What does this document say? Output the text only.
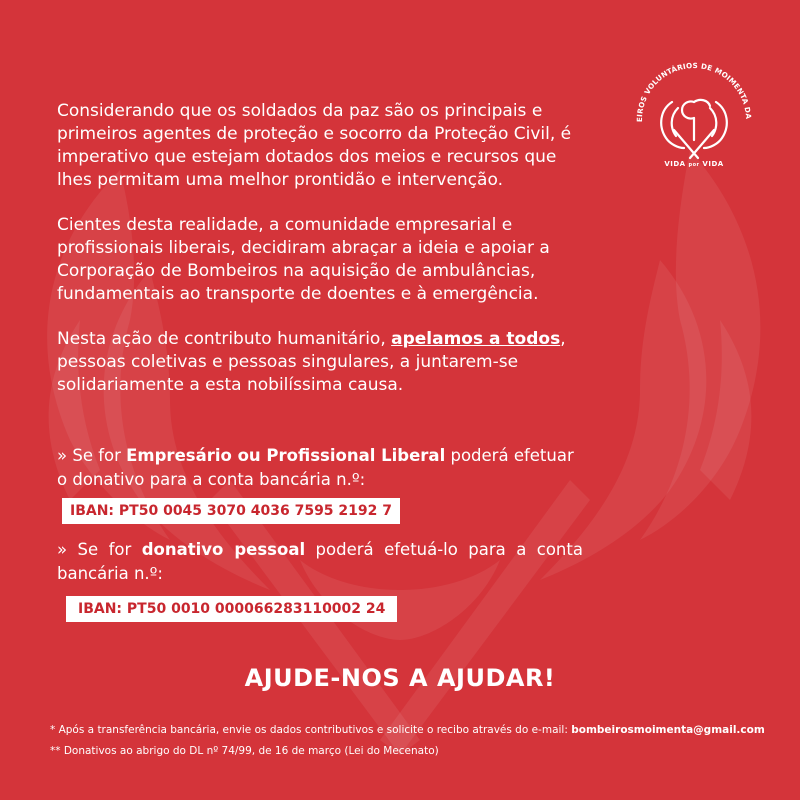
EIROS VOLUNTÁRIOS DE MOIMENTA DA
VIDA por VIDA

Considerando que os soldados da paz são os principais e primeiros agentes de proteção e socorro da Proteção Civil, é imperativo que estejam dotados dos meios e recursos que lhes permitam uma melhor prontidão e intervenção.

Cientes desta realidade, a comunidade empresarial e profissionais liberais, decidiram abraçar a ideia e apoiar a Corporação de Bombeiros na aquisição de ambulâncias, fundamentais ao transporte de doentes e à emergência.

Nesta ação de contributo humanitário, apelamos a todos, pessoas coletivas e pessoas singulares, a juntarem-se solidariamente a esta nobilíssima causa.

» Se for Empresário ou Profissional Liberal poderá efetuar o donativo para a conta bancária n.º:
IBAN: PT50 0045 3070 4036 7595 2192 7
» Se for donativo pessoal poderá efetuá-lo para a conta bancária n.º:
IBAN: PT50 0010 000066283110002 24
AJUDE-NOS A AJUDAR!
* Após a transferência bancária, envie os dados contributivos e solicite o recibo através do e-mail: bombeirosmoimenta@gmail.com
** Donativos ao abrigo do DL nº 74/99, de 16 de março (Lei do Mecenato)
